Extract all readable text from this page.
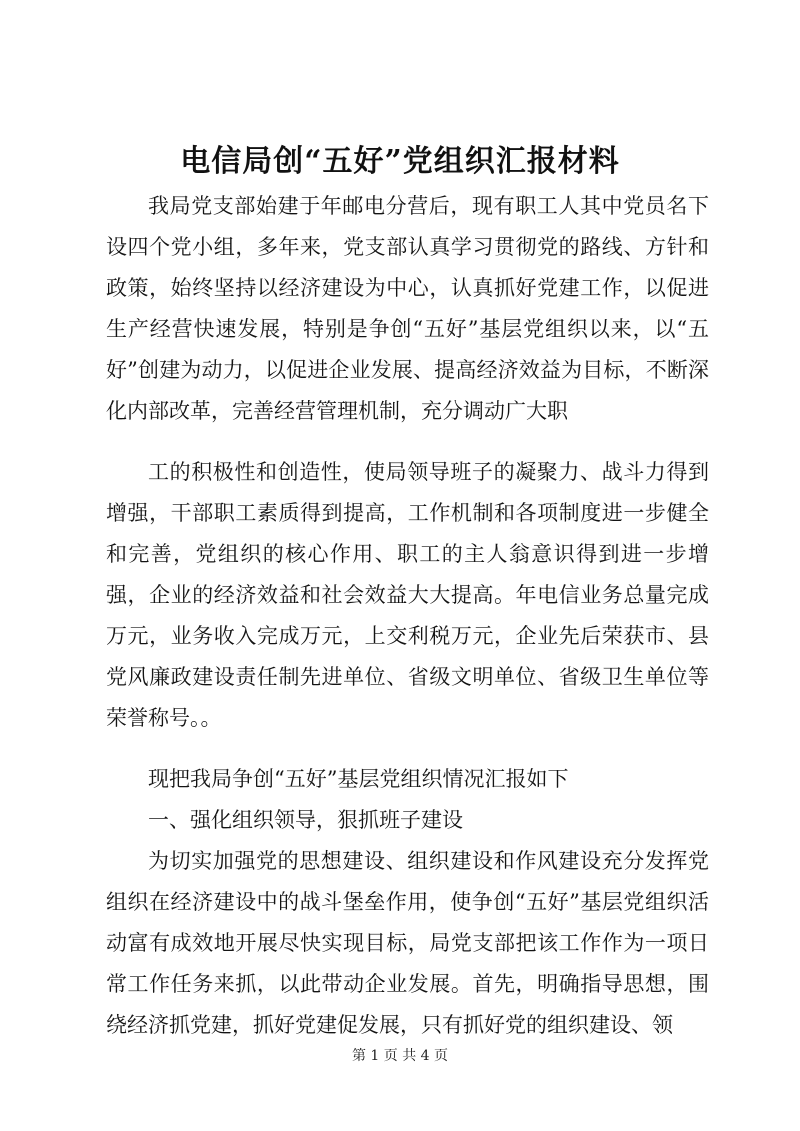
电信局创“五好”党组织汇报材料

我局党支部始建于年邮电分营后，现有职工人其中党员名下设四个党小组，多年来，党支部认真学习贯彻党的路线、方针和政策，始终坚持以经济建设为中心，认真抓好党建工作，以促进生产经营快速发展，特别是争创“五好”基层党组织以来，以“五好”创建为动力，以促进企业发展、提高经济效益为目标，不断深化内部改革，完善经营管理机制，充分调动广大职

工的积极性和创造性，使局领导班子的凝聚力、战斗力得到增强，干部职工素质得到提高，工作机制和各项制度进一步健全和完善，党组织的核心作用、职工的主人翁意识得到进一步增强，企业的经济效益和社会效益大大提高。年电信业务总量完成万元，业务收入完成万元，上交利税万元，企业先后荣获市、县党风廉政建设责任制先进单位、省级文明单位、省级卫生单位等荣誉称号。。

现把我局争创“五好”基层党组织情况汇报如下

一、强化组织领导，狠抓班子建设

为切实加强党的思想建设、组织建设和作风建设充分发挥党组织在经济建设中的战斗堡垒作用，使争创“五好”基层党组织活动富有成效地开展尽快实现目标，局党支部把该工作作为一项日常工作任务来抓，以此带动企业发展。首先，明确指导思想，围绕经济抓党建，抓好党建促发展，只有抓好党的组织建设、领

第 1 页 共 4 页
